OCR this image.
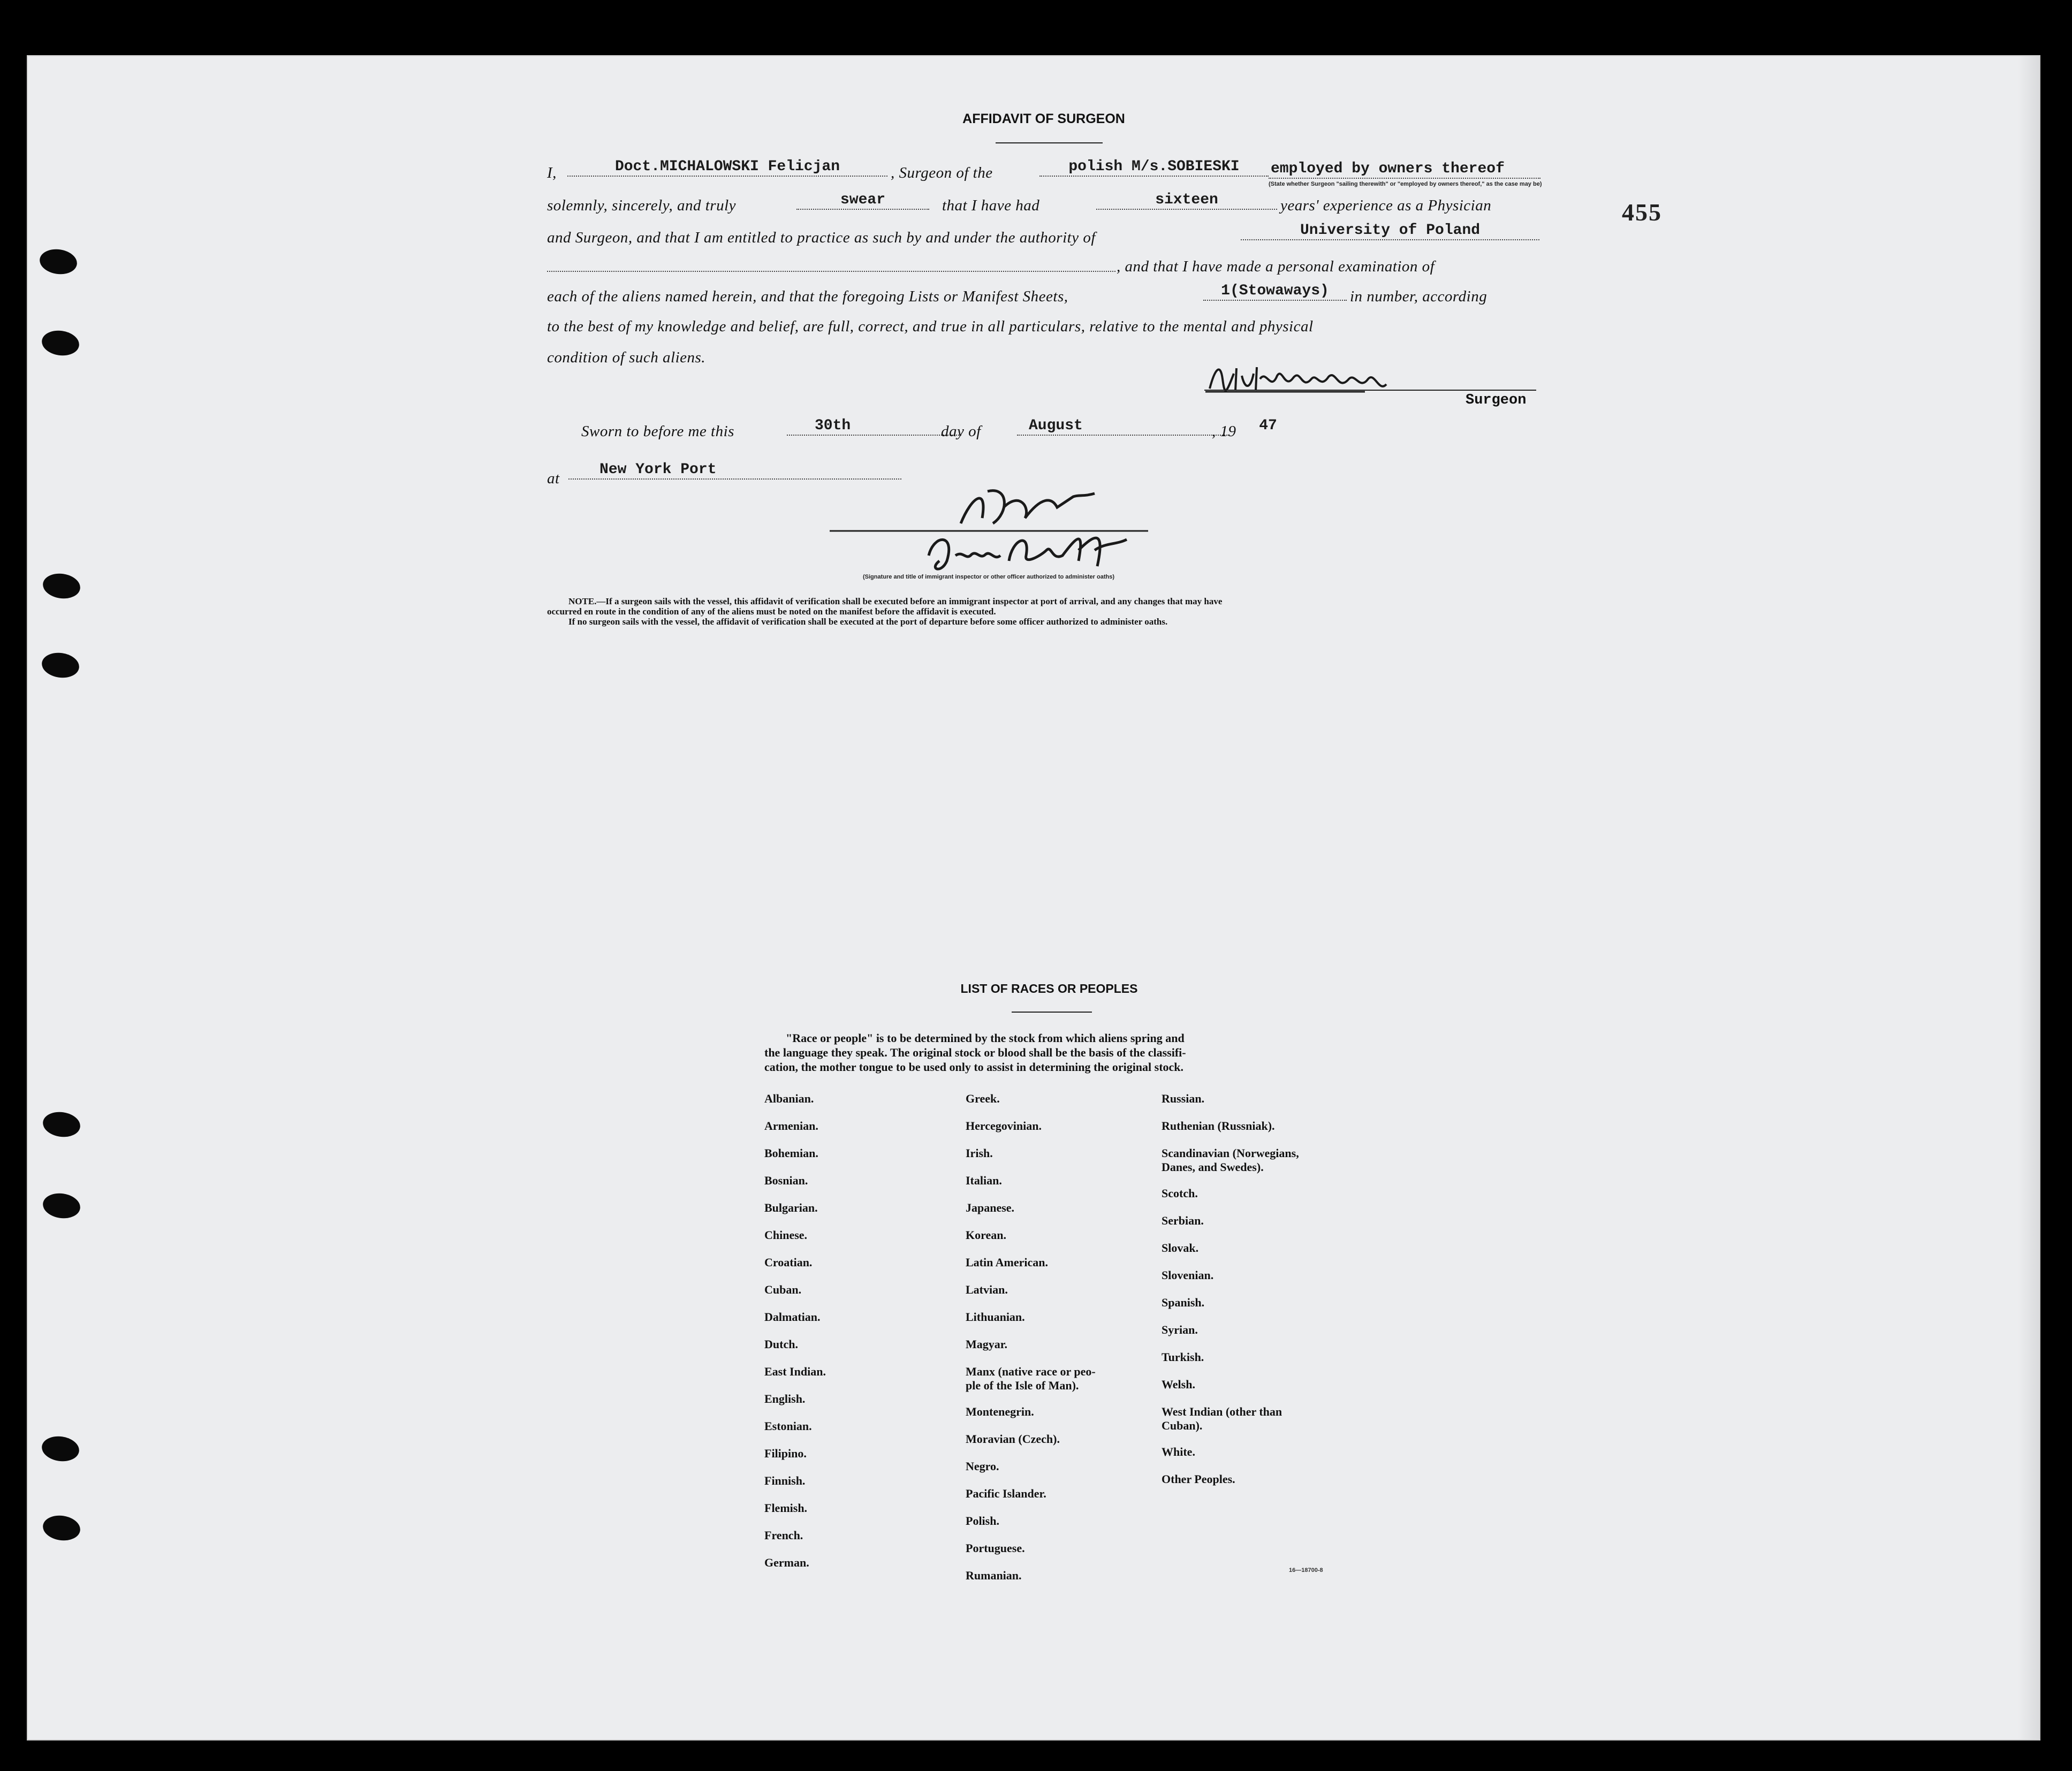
455
AFFIDAVIT OF SURGEON
I,	Doct.MICHALOWSKI Felicjan	, Surgeon of the	polish M/s.SOBIESKI	employed by owners thereof
(State whether Surgeon "sailing therewith" or "employed by owners thereof," as the case may be)
solemnly, sincerely, and truly	swear	that I have had	sixteen	years' experience as a Physician
and Surgeon, and that I am entitled to practice as such by and under the authority of	University of Poland
, and that I have made a personal examination of
each of the aliens named herein, and that the foregoing Lists or Manifest Sheets,	1(Stowaways)	in number, according
to the best of my knowledge and belief, are full, correct, and true in all particulars, relative to the mental and physical
condition of such aliens.
Surgeon
Sworn to before me this	30th	day of	August	, 19	47
at
New York Port
(Signature and title of immigrant inspector or other officer authorized to administer oaths)
NOTE.—If a surgeon sails with the vessel, this affidavit of verification shall be executed before an immigrant inspector at port of arrival, and any changes that may have
occurred en route in the condition of any of the aliens must be noted on the manifest before the affidavit is executed.
If no surgeon sails with the vessel, the affidavit of verification shall be executed at the port of departure before some officer authorized to administer oaths.
LIST OF RACES OR PEOPLES
"Race or people" is to be determined by the stock from which aliens spring and
the language they speak. The original stock or blood shall be the basis of the classifi-
cation, the mother tongue to be used only to assist in determining the original stock.
Albanian.
Armenian.
Bohemian.
Bosnian.
Bulgarian.
Chinese.
Croatian.
Cuban.
Dalmatian.
Dutch.
East Indian.
English.
Estonian.
Filipino.
Finnish.
Flemish.
French.
German.
Greek.
Hercegovinian.
Irish.
Italian.
Japanese.
Korean.
Latin American.
Latvian.
Lithuanian.
Magyar.
Manx (native race or peo-
ple of the Isle of Man).
Montenegrin.
Moravian (Czech).
Negro.
Pacific Islander.
Polish.
Portuguese.
Rumanian.
Russian.
Ruthenian (Russniak).
Scandinavian (Norwegians,
Danes, and Swedes).
Scotch.
Serbian.
Slovak.
Slovenian.
Spanish.
Syrian.
Turkish.
Welsh.
West Indian (other than
Cuban).
White.
Other Peoples.
16—18700-8
